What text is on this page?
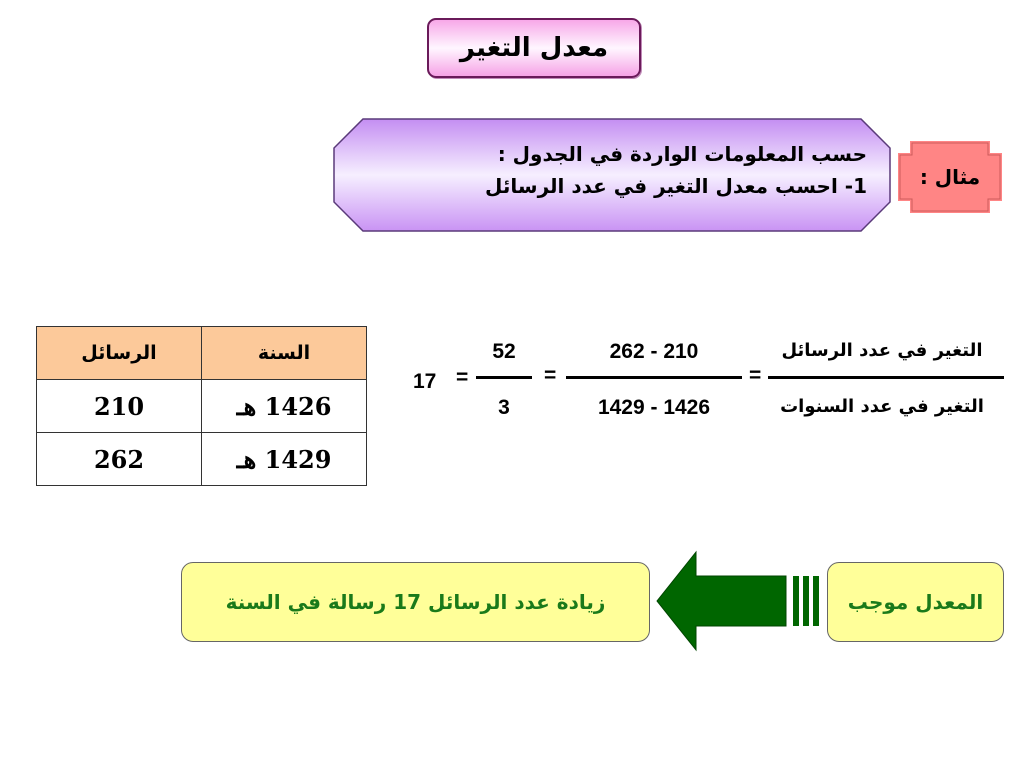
معدل التغير
حسب المعلومات الواردة في الجدول :
1- احسب معدل التغير في عدد الرسائل	مثال :
السنة	الرسائل
1426 هـ	210
1429 هـ	262
التغير في عدد الرسائل
التغير في عدد السنوات
=
262 - 210
1429 - 1426
=
52
3
=
17
زيادة عدد الرسائل 17 رسالة في السنة	المعدل موجب
